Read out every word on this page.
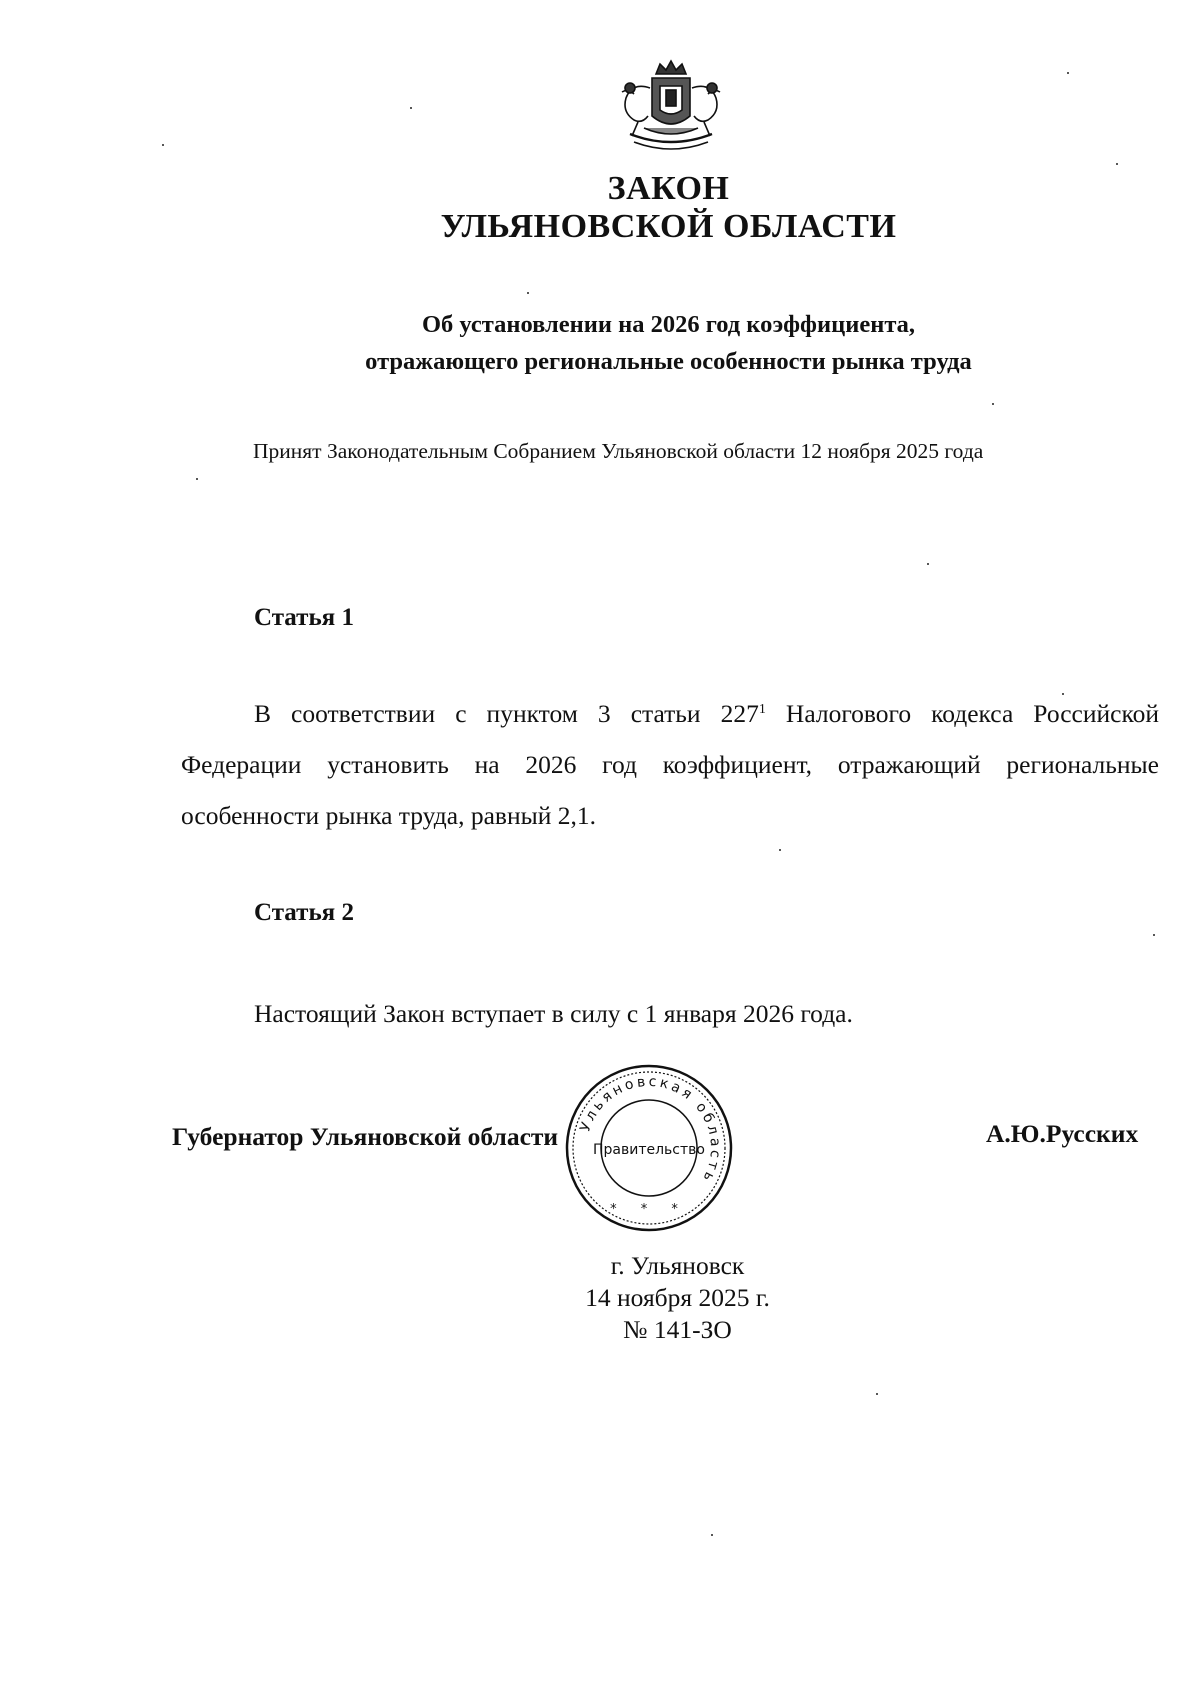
ЗАКОН
УЛЬЯНОВСКОЙ ОБЛАСТИ
Об установлении на 2026 год коэффициента,
отражающего региональные особенности рынка труда
Принят Законодательным Собранием Ульяновской области 12 ноября 2025 года
Статья 1
В соответствии с пунктом 3 статьи $227^1$ Налогового кодекса Российской Федерации установить на 2026 год коэффициент, отражающий региональные особенности рынка труда, равный 2,1.
Статья 2
Настоящий Закон вступает в силу с 1 января 2026 года.
Губернатор Ульяновской области	А.Ю.Русских
Ульяновская область
Правительство
* * *
г. Ульяновск
14 ноября 2025 г.
№ 141-ЗО
